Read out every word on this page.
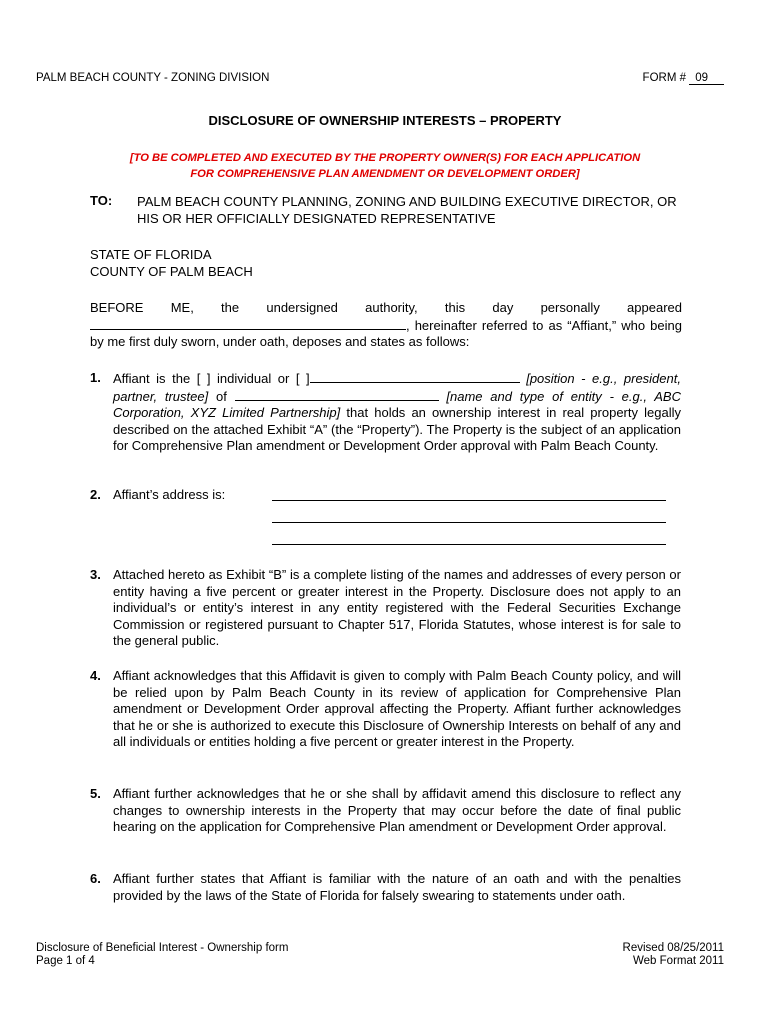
PALM BEACH COUNTY - ZONING DIVISION	FORM # 09
DISCLOSURE OF OWNERSHIP INTERESTS – PROPERTY
[TO BE COMPLETED AND EXECUTED BY THE PROPERTY OWNER(S) FOR EACH APPLICATION
FOR COMPREHENSIVE PLAN AMENDMENT OR DEVELOPMENT ORDER]
TO: PALM BEACH COUNTY PLANNING, ZONING AND BUILDING EXECUTIVE DIRECTOR, OR HIS OR HER OFFICIALLY DESIGNATED REPRESENTATIVE
STATE OF FLORIDA
COUNTY OF PALM BEACH
BEFORE ME, the undersigned authority, this day personally appeared
, hereinafter referred to as “Affiant,” who being by me first duly sworn, under oath, deposes and states as follows:
1. Affiant is the [ ] individual or [ ]	[position - e.g., president, partner, trustee] of	[name and type of entity - e.g., ABC Corporation, XYZ Limited Partnership] that holds an ownership interest in real property legally described on the attached Exhibit “A” (the “Property”). The Property is the subject of an application for Comprehensive Plan amendment or Development Order approval with Palm Beach County.
2. Affiant’s address is:
3. Attached hereto as Exhibit “B” is a complete listing of the names and addresses of every person or entity having a five percent or greater interest in the Property. Disclosure does not apply to an individual’s or entity’s interest in any entity registered with the Federal Securities Exchange Commission or registered pursuant to Chapter 517, Florida Statutes, whose interest is for sale to the general public.
4. Affiant acknowledges that this Affidavit is given to comply with Palm Beach County policy, and will be relied upon by Palm Beach County in its review of application for Comprehensive Plan amendment or Development Order approval affecting the Property. Affiant further acknowledges that he or she is authorized to execute this Disclosure of Ownership Interests on behalf of any and all individuals or entities holding a five percent or greater interest in the Property.
5. Affiant further acknowledges that he or she shall by affidavit amend this disclosure to reflect any changes to ownership interests in the Property that may occur before the date of final public hearing on the application for Comprehensive Plan amendment or Development Order approval.
6. Affiant further states that Affiant is familiar with the nature of an oath and with the penalties provided by the laws of the State of Florida for falsely swearing to statements under oath.
Disclosure of Beneficial Interest - Ownership form
Page 1 of 4
Revised 08/25/2011
Web Format 2011
